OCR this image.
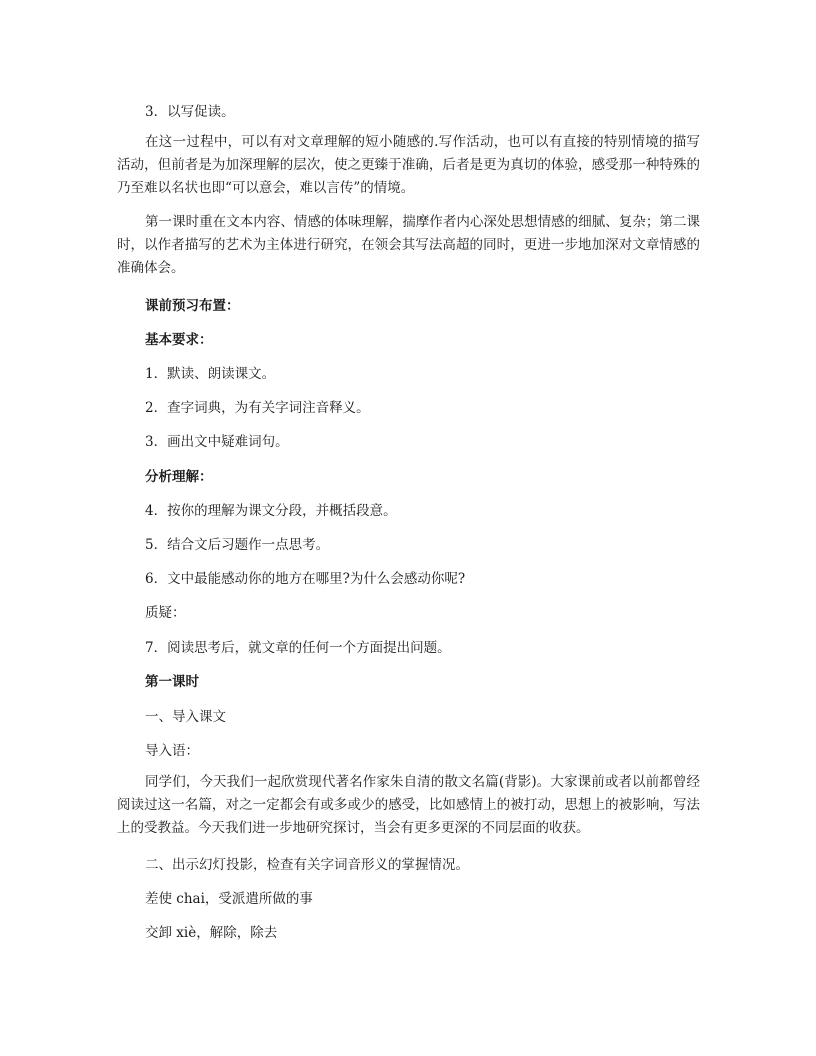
3．以写促读。
在这一过程中，可以有对文章理解的短小随感的.写作活动，也可以有直接的特别情境的描写活动，但前者是为加深理解的层次，使之更臻于准确，后者是更为真切的体验，感受那一种特殊的乃至难以名状也即“可以意会，难以言传”的情境。
第一课时重在文本内容、情感的体味理解，揣摩作者内心深处思想情感的细腻、复杂；第二课时，以作者描写的艺术为主体进行研究，在领会其写法高超的同时，更进一步地加深对文章情感的准确体会。
课前预习布置：
基本要求：
1．默读、朗读课文。
2．查字词典，为有关字词注音释义。
3．画出文中疑难词句。
分析理解：
4．按你的理解为课文分段，并概括段意。
5．结合文后习题作一点思考。
6．文中最能感动你的地方在哪里?为什么会感动你呢?
质疑：
7．阅读思考后，就文章的任何一个方面提出问题。
第一课时
一、导入课文
导入语：
同学们，今天我们一起欣赏现代著名作家朱自清的散文名篇(背影)。大家课前或者以前都曾经阅读过这一名篇，对之一定都会有或多或少的感受，比如感情上的被打动，思想上的被影响，写法上的受教益。今天我们进一步地研究探讨，当会有更多更深的不同层面的收获。
二、出示幻灯投影，检查有关字词音形义的掌握情况。
差使 chai，受派遣所做的事
交卸 xiè，解除，除去
